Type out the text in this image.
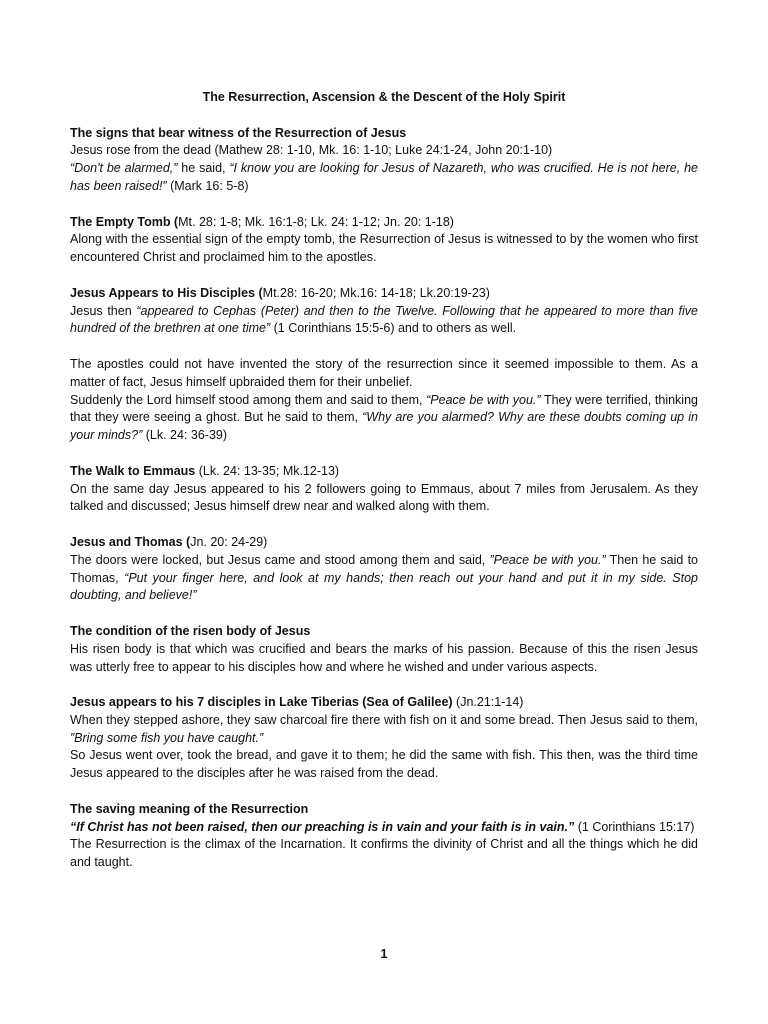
The Resurrection, Ascension & the Descent of the Holy Spirit

The signs that bear witness of the Resurrection of Jesus

Jesus rose from the dead (Mathew 28: 1-10, Mk. 16: 1-10; Luke 24:1-24, John 20:1-10)

“Don't be alarmed,” he said, “I know you are looking for Jesus of Nazareth, who was crucified. He is not here, he has been raised!” (Mark 16: 5-8)

The Empty Tomb (Mt. 28: 1-8; Mk. 16:1-8; Lk. 24: 1-12; Jn. 20: 1-18)

Along with the essential sign of the empty tomb, the Resurrection of Jesus is witnessed to by the women who first encountered Christ and proclaimed him to the apostles.

Jesus Appears to His Disciples (Mt.28: 16-20; Mk.16: 14-18; Lk.20:19-23)

Jesus then “appeared to Cephas (Peter) and then to the Twelve. Following that he appeared to more than five hundred of the brethren at one time” (1 Corinthians 15:5-6) and to others as well.

The apostles could not have invented the story of the resurrection since it seemed impossible to them. As a matter of fact, Jesus himself upbraided them for their unbelief.

Suddenly the Lord himself stood among them and said to them, “Peace be with you.” They were terrified, thinking that they were seeing a ghost. But he said to them, “Why are you alarmed? Why are these doubts coming up in your minds?” (Lk. 24: 36-39)

The Walk to Emmaus (Lk. 24: 13-35; Mk.12-13)

On the same day Jesus appeared to his 2 followers going to Emmaus, about 7 miles from Jerusalem. As they talked and discussed; Jesus himself drew near and walked along with them.

Jesus and Thomas (Jn. 20: 24-29)

The doors were locked, but Jesus came and stood among them and said, ”Peace be with you.” Then he said to Thomas, “Put your finger here, and look at my hands; then reach out your hand and put it in my side. Stop doubting, and believe!”

The condition of the risen body of Jesus

His risen body is that which was crucified and bears the marks of his passion. Because of this the risen Jesus was utterly free to appear to his disciples how and where he wished and under various aspects.

Jesus appears to his 7 disciples in Lake Tiberias (Sea of Galilee) (Jn.21:1-14)

When they stepped ashore, they saw charcoal fire there with fish on it and some bread. Then Jesus said to them, ”Bring some fish you have caught.”

So Jesus went over, took the bread, and gave it to them; he did the same with fish. This then, was the third time Jesus appeared to the disciples after he was raised from the dead.

The saving meaning of the Resurrection

“If Christ has not been raised, then our preaching is in vain and your faith is in vain.” (1 Corinthians 15:17)

The Resurrection is the climax of the Incarnation. It confirms the divinity of Christ and all the things which he did and taught.

1
